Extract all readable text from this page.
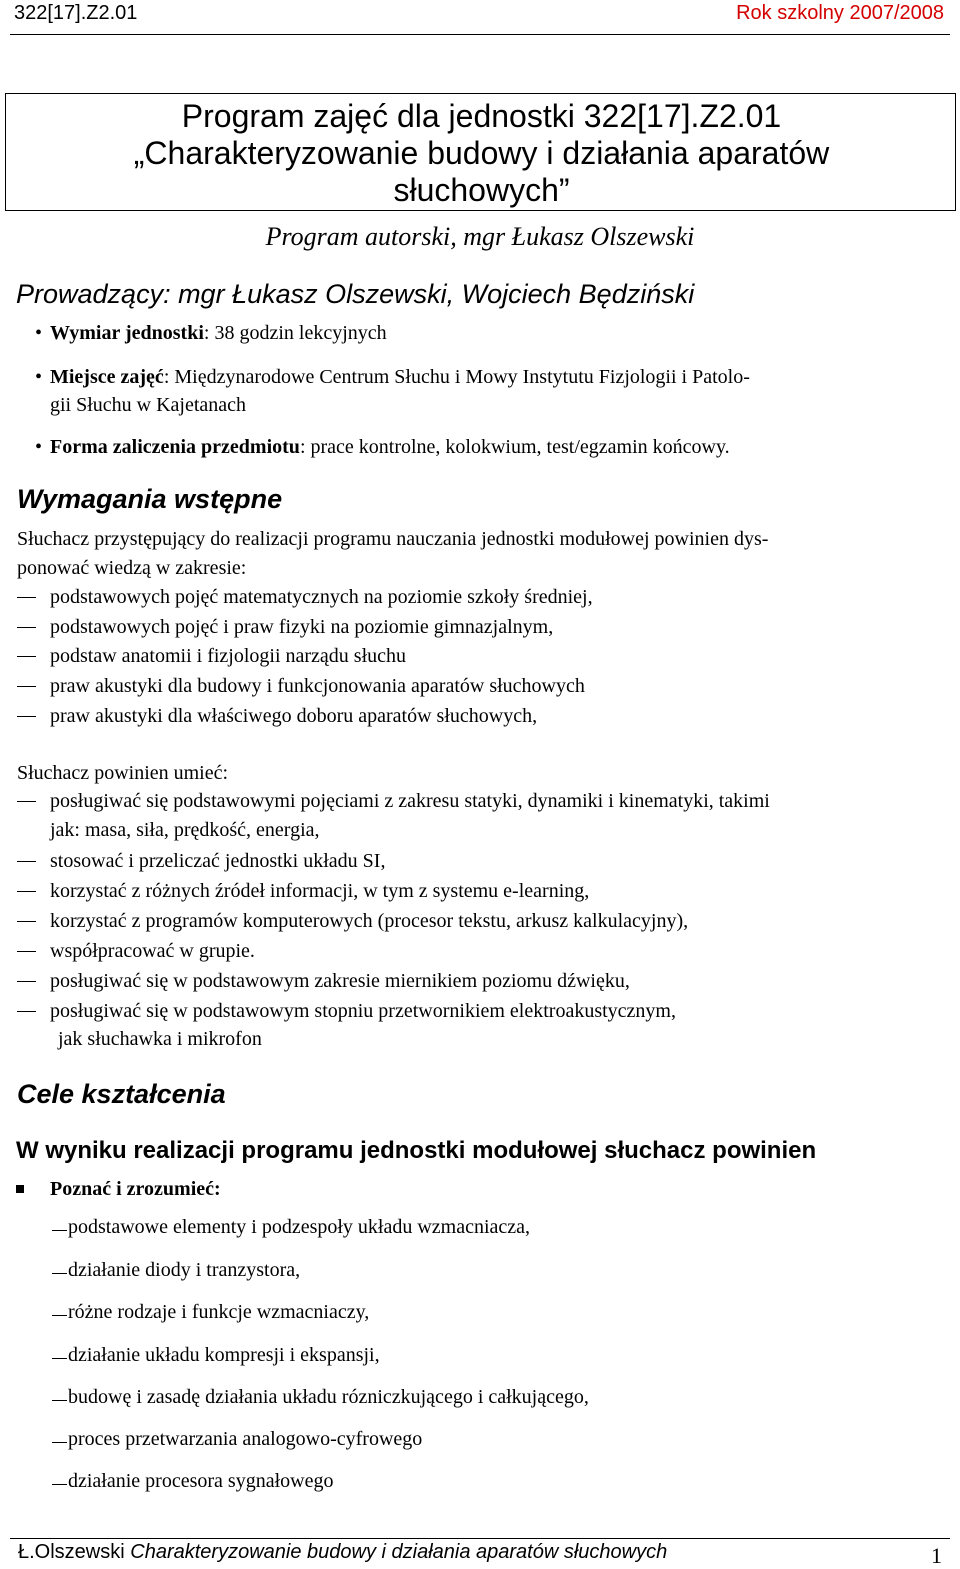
322[17].Z2.01	Rok szkolny 2007/2008
Program zajęć dla jednostki 322[17].Z2.01
„Charakteryzowanie budowy i działania aparatów
słuchowych”
Program autorski, mgr Łukasz Olszewski
Prowadzący: mgr Łukasz Olszewski, Wojciech Będziński
• Wymiar jednostki: 38 godzin lekcyjnych
• Miejsce zajęć: Międzynarodowe Centrum Słuchu i Mowy Instytutu Fizjologii i Patolo-
gii Słuchu w Kajetanach
• Forma zaliczenia przedmiotu: prace kontrolne, kolokwium, test/egzamin końcowy.
Wymagania wstępne
Słuchacz przystępujący do realizacji programu nauczania jednostki modułowej powinien dys-
ponować wiedzą w zakresie:
podstawowych pojęć matematycznych na poziomie szkoły średniej,
podstawowych pojęć i praw fizyki na poziomie gimnazjalnym,
podstaw anatomii i fizjologii narządu słuchu
praw akustyki dla budowy i funkcjonowania aparatów słuchowych
praw akustyki dla właściwego doboru aparatów słuchowych,
Słuchacz powinien umieć:
posługiwać się podstawowymi pojęciami z zakresu statyki, dynamiki i kinematyki, takimi
jak: masa, siła, prędkość, energia,
stosować i przeliczać jednostki układu SI,
korzystać z różnych źródeł informacji, w tym z systemu e-learning,
korzystać z programów komputerowych (procesor tekstu, arkusz kalkulacyjny),
współpracować w grupie.
posługiwać się w podstawowym zakresie miernikiem poziomu dźwięku,
posługiwać się w podstawowym stopniu przetwornikiem elektroakustycznym,
jak słuchawka i mikrofon
Cele kształcenia
W wyniku realizacji programu jednostki modułowej słuchacz powinien
Poznać i zrozumieć:
podstawowe elementy i podzespoły układu wzmacniacza,
działanie diody i tranzystora,
różne rodzaje i funkcje wzmacniaczy,
działanie układu kompresji i ekspansji,
budowę i zasadę działania układu rózniczkującego i całkującego,
proces przetwarzania analogowo-cyfrowego
działanie procesora sygnałowego
Ł.Olszewski Charakteryzowanie budowy i działania aparatów słuchowych	1
